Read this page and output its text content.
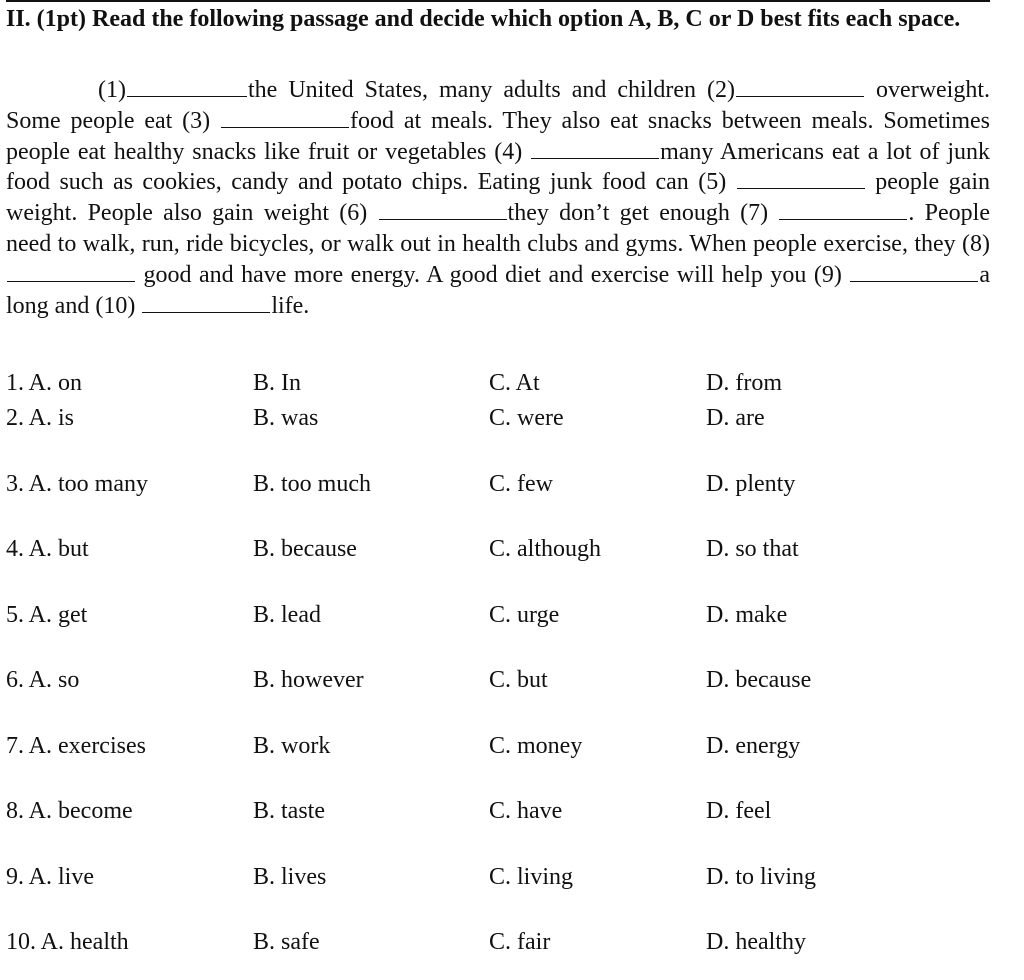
II. (1pt) Read the following passage and decide which option A, B, C or D best fits each space.
(1)	the United States, many adults and children (2)	overweight. Some people eat (3)	food at meals. They also eat snacks between meals. Sometimes people eat healthy snacks like fruit or vegetables (4)	many Americans eat a lot of junk food such as cookies, candy and potato chips. Eating junk food can (5)	people gain weight. People also gain weight (6)	they don’t get enough (7)	. People need to walk, run, ride bicycles, or walk out in health clubs and gyms. When people exercise, they (8)  good and have more energy. A good diet and exercise will help you (9)	a long and (10)	life.
1. A. on	B. In	C. At	D. from
2. A. is	B. was	C. were	D. are
3. A. too many	B. too much	C. few	D. plenty
4. A. but	B. because	C. although	D. so that
5. A. get	B. lead	C. urge	D. make
6. A. so	B. however	C. but	D. because
7. A. exercises	B. work	C. money	D. energy
8. A. become	B. taste	C. have	D. feel
9. A. live	B. lives	C. living	D. to living
10. A. health	B. safe	C. fair	D. healthy
